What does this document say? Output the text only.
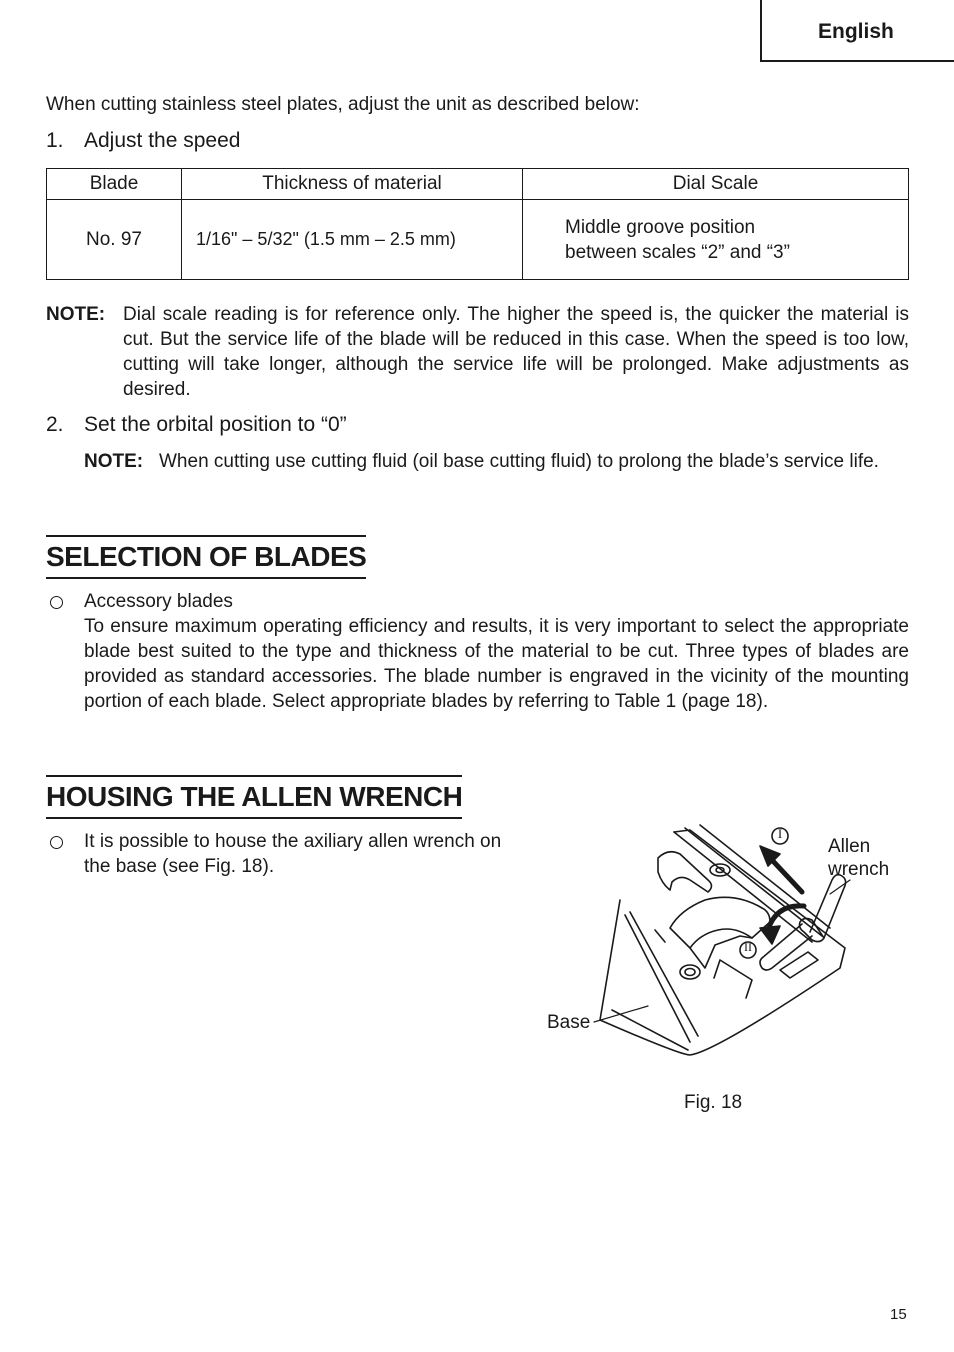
English
When cutting stainless steel plates, adjust the unit as described below:
1. Adjust the speed
Blade	Thickness of material	Dial Scale
No. 97	1/16" – 5/32" (1.5 mm – 2.5 mm)	Middle groove position
between scales “2” and “3”
NOTE: Dial scale reading is for reference only. The higher the speed is, the quicker the material is cut. But the service life of the blade will be reduced in this case. When the speed is too low, cutting will take longer, although the service life will be prolonged. Make adjustments as desired.
2. Set the orbital position to “0”
NOTE: When cutting use cutting fluid (oil base cutting fluid) to prolong the blade’s service life.
SELECTION OF BLADES
Accessory blades
To ensure maximum operating efficiency and results, it is very important to select the appropriate blade best suited to the type and thickness of the material to be cut. Three types of blades are provided as standard accessories. The blade number is engraved in the vicinity of the mounting portion of each blade. Select appropriate blades by referring to Table 1 (page 18).
HOUSING THE ALLEN WRENCH
It is possible to house the axiliary allen wrench on the base (see Fig. 18).
I
II
Allen
wrench
Base
Fig. 18
15
